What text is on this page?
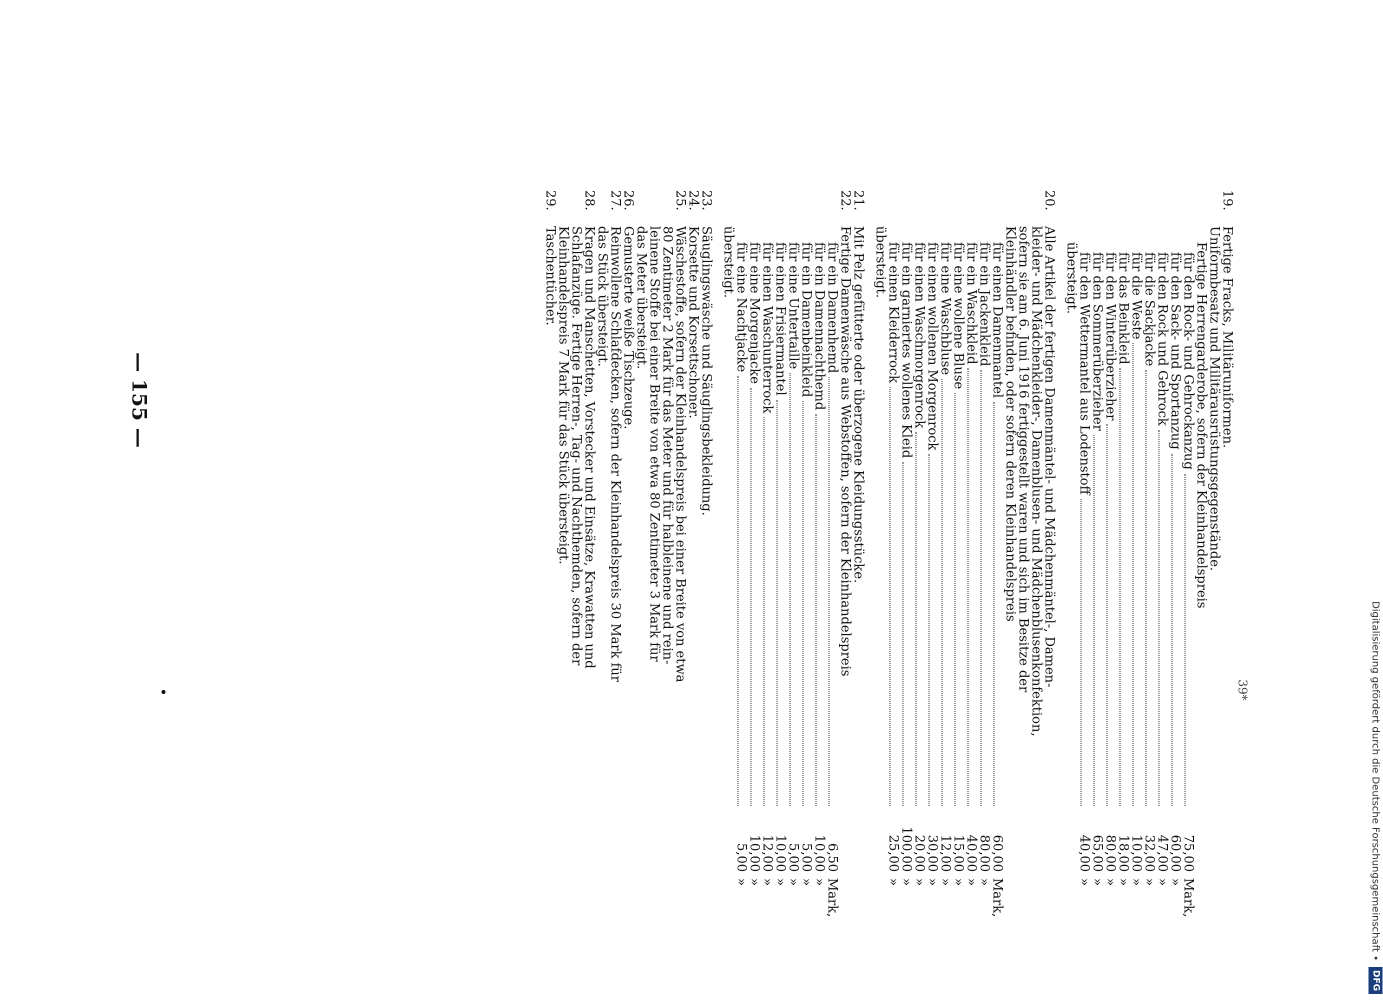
Digitalisierung gefördert durch die Deutsche Forschungsgemeinschaft •
DFG
39*
19.Fertige Fracks, Militäruniformen.
Uniformbesatz und Militärausrüstungsgegenstände.
Fertige Herrengarderobe, sofern der Kleinhandelspreis
für den Rock- und Gehrockanzug
75,00
Mark,
für den Sack- und Sportanzug
60,00
»
für den Rock und Gehrock
47,00
»
für die Sackjacke
32,00
»
für die Weste
10,00
»
für das Beinkleid
18,00
»
für den Winterüberzieher
80,00
»
für den Sommerüberzieher
65,00
»
für den Wettermantel aus Lodenstoff
40,00
»
übersteigt.
20.Alle Artikel der fertigen Damenmäntel- und Mädchenmäntel-, Damen-
kleider- und Mädchenkleider-, Damenblusen- und Mädchenblusenkonfektion,
sofern sie am 6. Juni 1916 fertiggestellt waren und sich im Besitze der
Kleinhändler befinden, oder sofern deren Kleinhandelspreis
für einen Damenmantel
60,00
Mark,
für ein Jackenkleid
80,00
»
für ein Waschkleid
40,00
»
für eine wollene Bluse
15,00
»
für eine Waschbluse
12,00
»
für einen wollenen Morgenrock
30,00
»
für einen Waschmorgenrock
20,00
»
für ein garniertes wollenes Kleid
100,00
»
für einen Kleiderrock
25,00
»
übersteigt.
21.Mit Pelz gefütterte oder überzogene Kleidungsstücke.
22.Fertige Damenwäsche aus Webstoffen, sofern der Kleinhandelspreis
für ein Damenhemd
6,50
Mark,
für ein Damennachthemd
10,00
»
für ein Damenbeinkleid
5,00
»
für eine Untertaille
5,00
»
für einen Frisiermantel
10,00
»
für einen Waschunterrock
12,00
»
für eine Morgenjacke
10,00
»
für eine Nachtjacke
5,00
»
übersteigt.
23.Säuglingswäsche und Säuglingsbekleidung.
24.Korsette und Korsettschoner.
25.Wäschestoffe, sofern der Kleinhandelspreis bei einer Breite von etwa
80 Zentimeter 2 Mark für das Meter und für halbleinene und rein-
leinene Stoffe bei einer Breite von etwa 80 Zentimeter 3 Mark für
das Meter übersteigt.
26.Gemusterte weiße Tischzeuge.
27.Reinwollene Schlafdecken, sofern der Kleinhandelspreis 30 Mark für
das Stück übersteigt.
28.Kragen und Manschetten, Vorstecker und Einsätze, Krawatten und
Schlafanzüge. Fertige Herren-, Tag- und Nachthemden, sofern der
Kleinhandelspreis 7 Mark für das Stück übersteigt.
29.Taschentücher.
— 155 —
